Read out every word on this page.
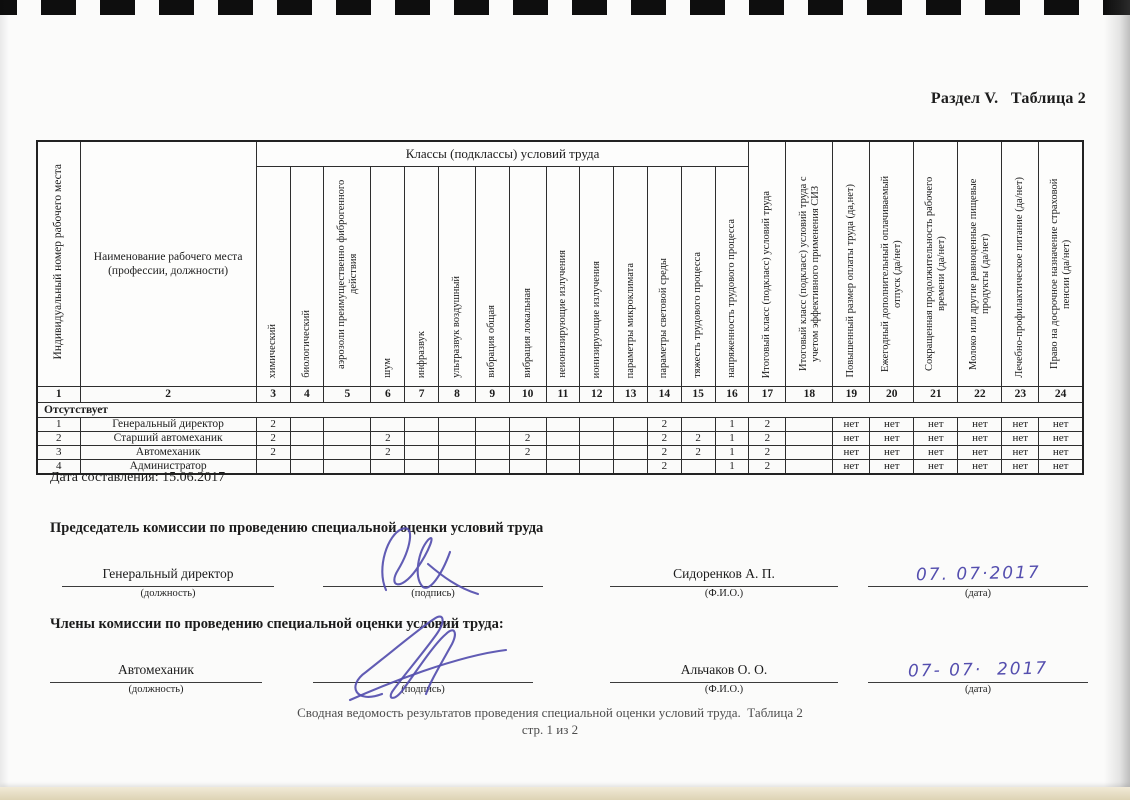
Раздел V.   Таблица 2
Индивидуальный номер рабочего места	Наименование рабочего места (профессии, должности)	Классы (подклассы) условий труда														Итоговый класс (подкласс) условий труда	Итоговый класс (подкласс) условий труда с учетом эффективного применения СИЗ	Повышенный размер оплаты труда (да,нет)	Ежегодный дополнительный оплачиваемый отпуск (да/нет)	Сокращенная продолжительность рабочего времени (да/нет)	Молоко или другие равноценные пищевые продукты (да/нет)	Лечебно-профилактическое питание (да/нет)	Право на досрочное назначение страховой пенсии (да/нет)
		химический	биологический	аэрозоли преимущественно фиброгенного действия	шум	инфразвук	ультразвук воздушный	вибрация общая	вибрация локальная	неионизирующие излучения	ионизирующие излучения	параметры микроклимата	параметры световой среды	тяжесть трудового процесса	напряженность трудового процесса								
1	2	3	4	5	6	7	8	9	10	11	12	13	14	15	16	17	18	19	20	21	22	23	24
Отсутствует																							
1	Генеральный директор	2											2		1	2		нет	нет	нет	нет	нет	нет
2	Старший автомеханик	2			2				2				2	2	1	2		нет	нет	нет	нет	нет	нет
3	Автомеханик	2			2				2				2	2	1	2		нет	нет	нет	нет	нет	нет
4	Администратор												2		1	2		нет	нет	нет	нет	нет	нет
Дата составления: 15.06.2017
Председатель комиссии по проведению специальной оценки условий труда
Генеральный директор
(должность)	(подпись)
Сидоренков А. П.
(Ф.И.О.)
07. 07·2017
(дата)
Члены комиссии по проведению специальной оценки условий труда:
Автомеханик
(должность)	(подпись)
Альчаков О. О.
(Ф.И.О.)
07- 07·  2017
(дата)
Сводная ведомость результатов проведения специальной оценки условий труда.  Таблица 2
стр. 1 из 2
